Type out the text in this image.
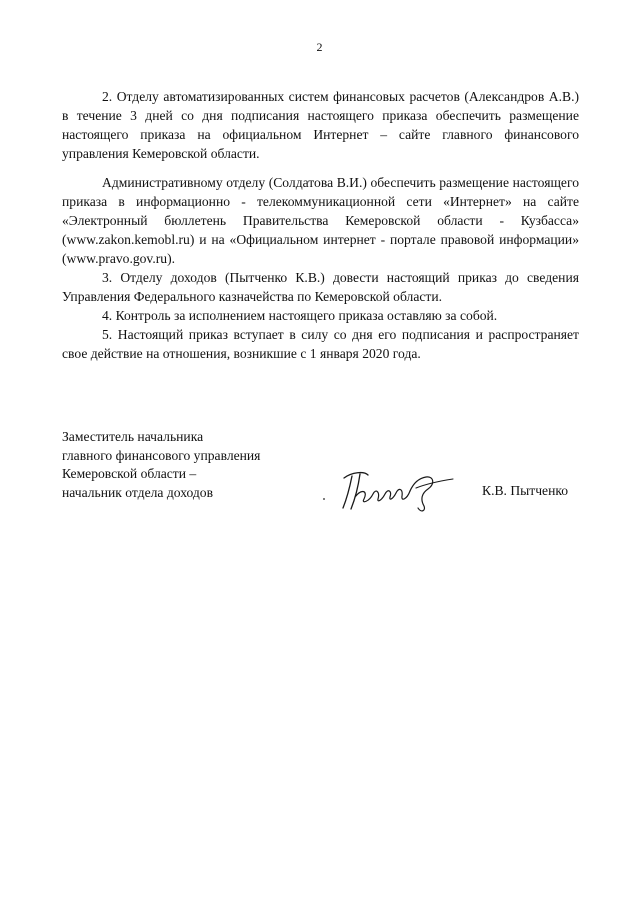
2

2. Отделу автоматизированных систем финансовых расчетов (Александров А.В.) в течение 3 дней со дня подписания настоящего приказа обеспечить размещение настоящего приказа на официальном Интернет – сайте главного финансового управления Кемеровской области.

Административному отделу (Солдатова В.И.) обеспечить размещение настоящего приказа в информационно - телекоммуникационной сети «Интернет» на сайте «Электронный бюллетень Правительства Кемеровской области - Кузбасса» (www.zakon.kemobl.ru) и на «Официальном интернет - портале правовой информации» (www.pravo.gov.ru).

3. Отделу доходов (Пытченко К.В.) довести настоящий приказ до сведения Управления Федерального казначейства по Кемеровской области.

4. Контроль за исполнением настоящего приказа оставляю за собой.

5. Настоящий приказ вступает в силу со дня его подписания и распространяет свое действие на отношения, возникшие с 1 января 2020 года.

Заместитель начальника
главного финансового управления
Кемеровской области –
начальник отдела доходов	К.В. Пытченко
